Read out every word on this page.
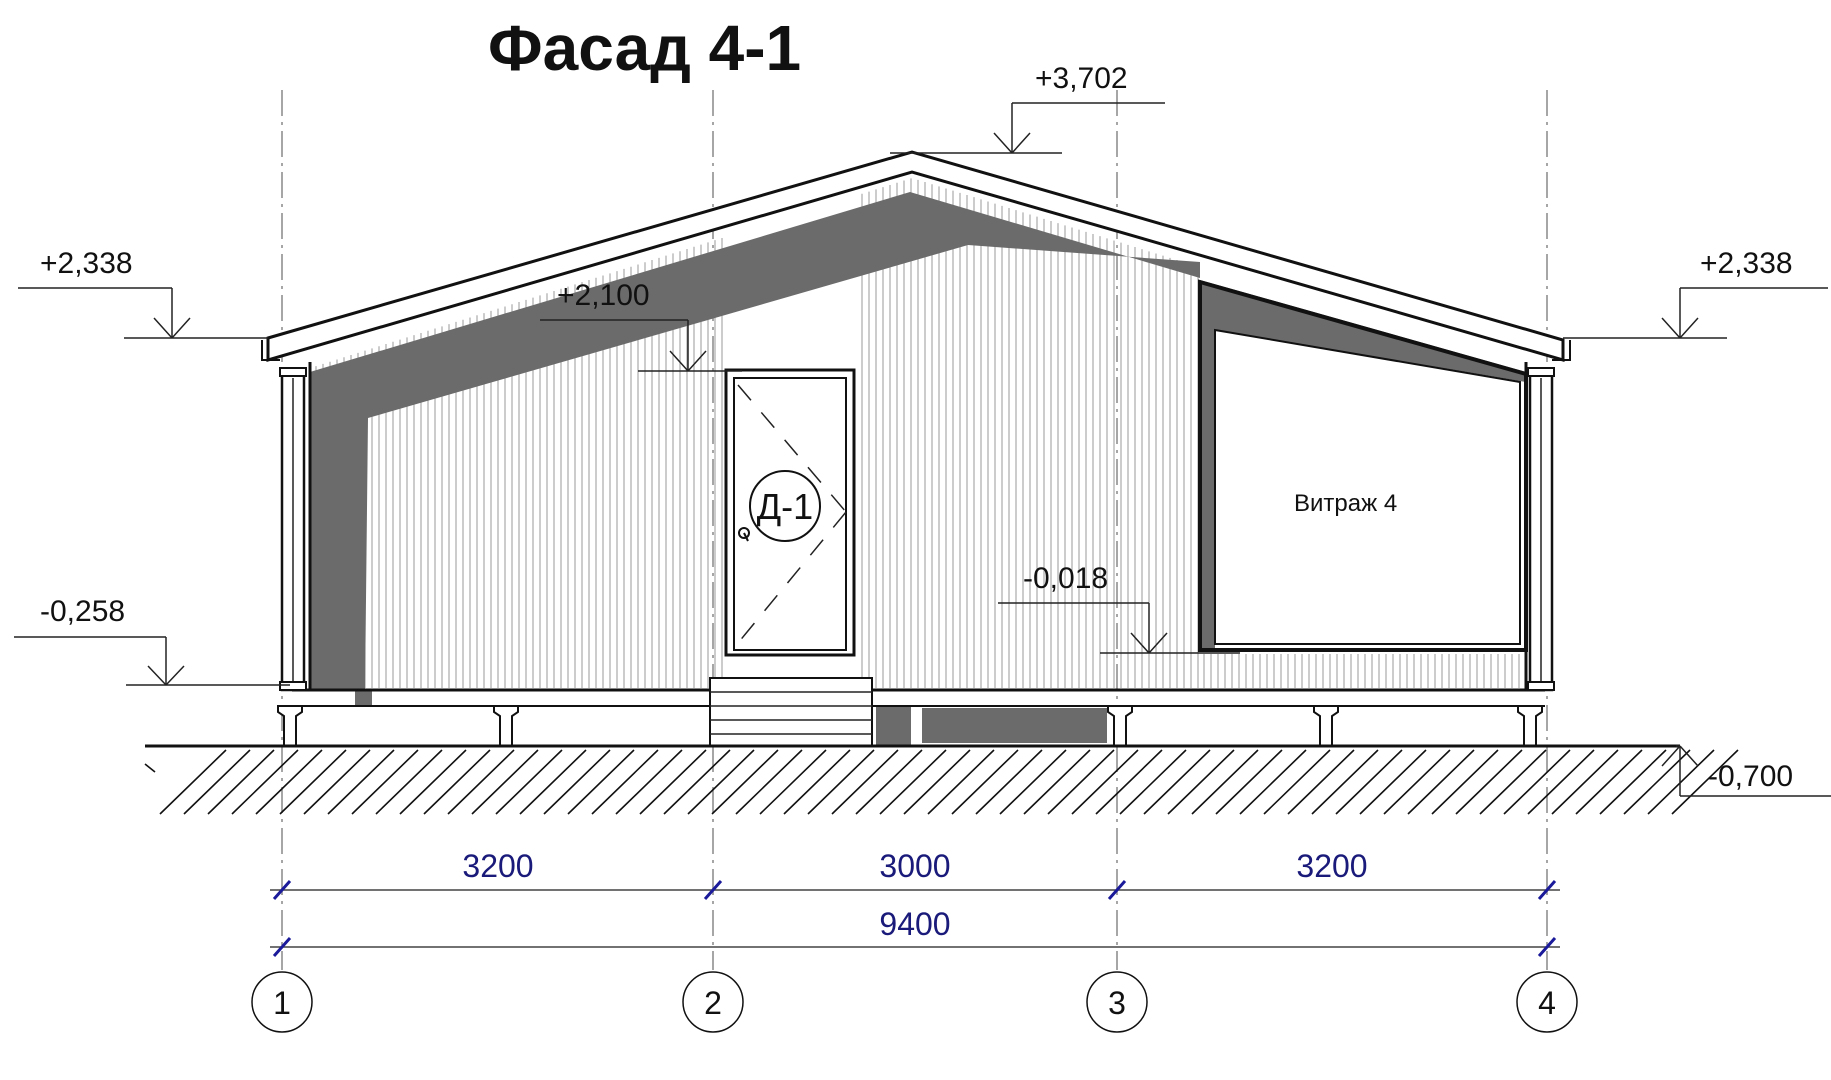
Фасад 4-1
Витраж 4
Д-1
+3,702
+2,338	+2,338
+2,100
-0,258
-0,018
-0,700
3200	3000	3200
9400
1	2	3	4
